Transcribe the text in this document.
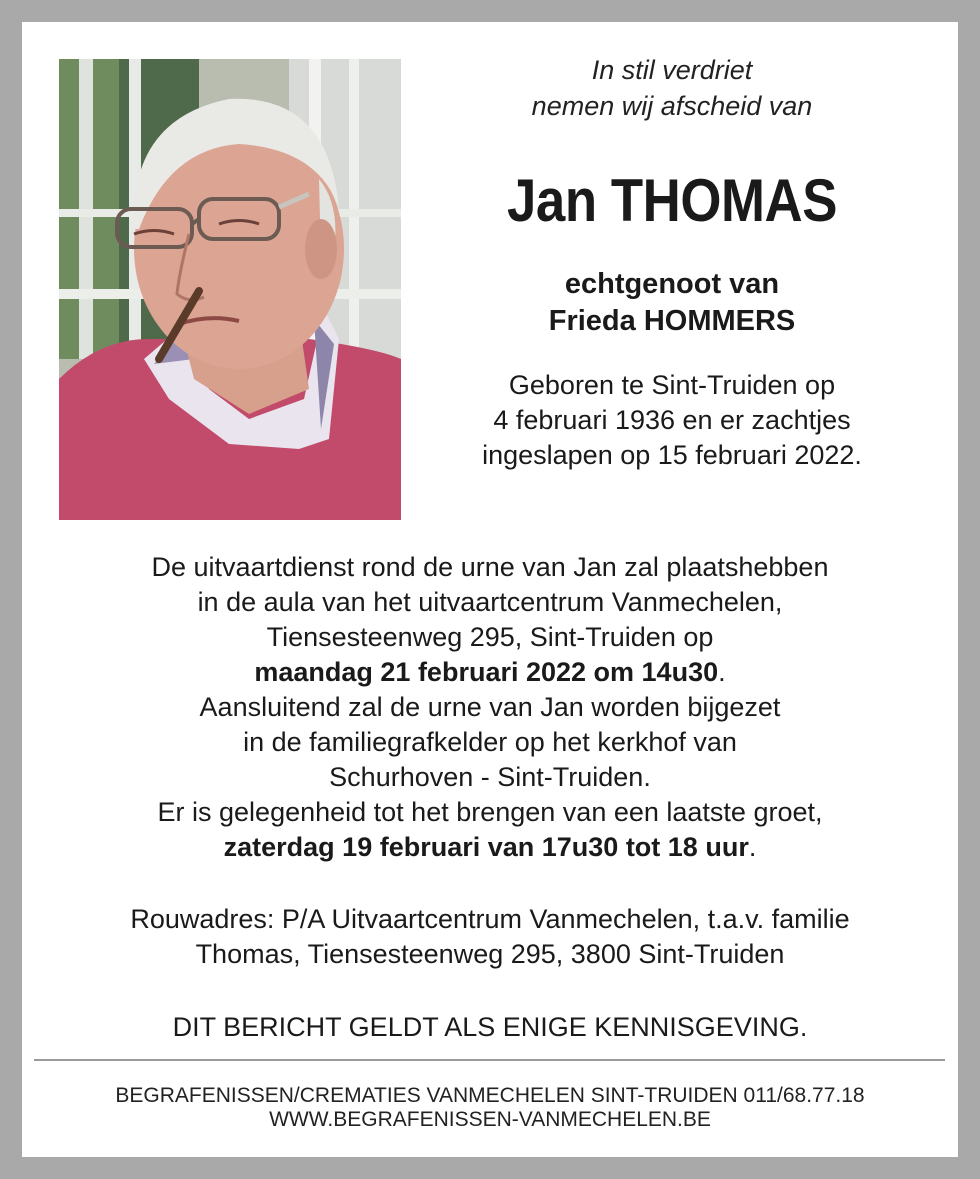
In stil verdriet
nemen wij afscheid van
Jan THOMAS
echtgenoot van
Frieda HOMMERS
Geboren te Sint-Truiden op
4 februari 1936 en er zachtjes
ingeslapen op 15 februari 2022.
De uitvaartdienst rond de urne van Jan zal plaatshebben
in de aula van het uitvaartcentrum Vanmechelen,
Tiensesteenweg 295, Sint-Truiden op
maandag 21 februari 2022 om 14u30.
Aansluitend zal de urne van Jan worden bijgezet
in de familiegrafkelder op het kerkhof van
Schurhoven - Sint-Truiden.
Er is gelegenheid tot het brengen van een laatste groet,
zaterdag 19 februari van 17u30 tot 18 uur.
Rouwadres: P/A Uitvaartcentrum Vanmechelen, t.a.v. familie
Thomas, Tiensesteenweg 295, 3800 Sint-Truiden
DIT BERICHT GELDT ALS ENIGE KENNISGEVING.
BEGRAFENISSEN/CREMATIES VANMECHELEN SINT-TRUIDEN 011/68.77.18
WWW.BEGRAFENISSEN-VANMECHELEN.BE
